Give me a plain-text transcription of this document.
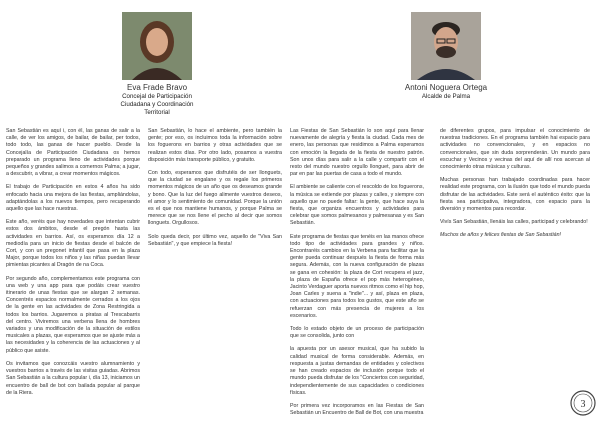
Eva Frade Bravo
Concejal de Participación Ciudadana y Coordinación Territorial
Antoni Noguera Ortega
Alcalde de Palma

San Sebastián es aquí i, con él, las ganas de salir a la calle, de ver los amigos, de bailar, de bailar, per todos, todo todo, las ganas de hacer pueblo. Desde la Concejalía de Participación Ciudadana os hemos preparado un programa lleno de actividades porque pequeños y grandes salimos a comernos Palma; a jugar, a descubrir, a vibrar, a crear momentos mágicos.

El trabajo de Participación en estos 4 años ha sido enfocado hacia una mejora de las fiestas, ampliándolas, adaptándolas a los nuevos tiempos, pero recuperando aquello que las hace nuestras.

Este año, veréis que hay novedades que intentan cubrir estos dos ámbitos, desde el pregón hasta las actividades en barrios. Así, os esperamos día 12 a mediodía para un inicio de fiestas desde el balcón de Cort, y con un pregonet infantil que pasa en la plaza Major, porque todos los niños y las niñas puedan llevar pimientas picantes al Dragón de na Coca.

Por segundo año, complementamos este programa con una web y una app para que podáis crear vuestro itinerario de unas fiestas que se alargan 2 semanas. Concentrés espacios normalmente cerrados a los ojos de la gente en las actividades de Zona Restringida a todos los barrios. Jugaremos a piratas al Trescabarris del centro. Viviremos una verbena llena de hombres variados y una modificación de la situación de estilos musicales a plazas, que esperamos que se ajuste más a las necesidades y la coherencia de las actuaciones y al público que asiste.

Os invitamos que conozcáis vuestro alumnamiento y vuestros barrios a través de las visitas guiadas. Abrimos San Sebastián a la cultura popular i, día 13, iniciamos un encuentro de ball de bot con bailada popular al parque de la Riera.

San Sebastián, lo hace el ambiente, pero también la gente; por eso, os incluimos toda la información sobre los foguerons en barrios y otras actividades que se realizan estos días. Por otro lado, posamos a vuestra disposición más transporte público, y gratuito.

Con todo, esperamos que disfrutéis de ser llonguets, que la ciudad se engalane y os regale los primeros momentos mágicos de un año que os deseamos grande y bono. Que la luz del fuego alimente vuestros deseos, el amor y lo sentimiento de comunidad. Porque la unión es el que nos mantiene humanos, y porque Palma se merece que se nos llene el pecho al decir que somos llonguets. Orgullosos.

Solo queda decir, por último vez, aquello de "Viva San Sebastián", y que empiece la fiesta!

Las Fiestas de San Sebastián lo son aquí para llenar nuevamente de alegría y fiesta la ciudad. Cada mes de enero, las personas que residimos a Palma esperamos con emoción la llegada de la fiesta de nuestro patrón. Son unos días para salir a la calle y compartir con el resto del mundo nuestro orgullo llonguet, para abrir de par en par las puertas de casa a todo el mundo.

El ambiente se caliente con el rescoldo de los foguerons, la música se extiende por plazas y calles, y siempre con aquello que no puede faltar: la gente, que hace suya la fiesta, que organiza encuentros y actividades para celebrar que somos palmesanos y palmesanas y es San Sebastián.

Este programa de fiestas que tenéis en las manos ofrece todo tipo de actividades para grandes y niños. Encontraréis cambios en la Verbena para facilitar que la gente pueda continuar después la fiesta de forma más segura. Además, con la nueva configuración de plazas se gana en cohesión: la plaza de Cort recupera el jazz, la plaza de España ofrece el pop más heterogéneo, Jacinto Verdaguer aporta nuevos ritmos como el hip hop, Joan Carles y suena a "indie"... y así, plaza en plaza, con actuaciones para todos los gustos, que este año se refuerzan con más presencia de mujeres a los escenarios.

Todo lo estado objeto de un proceso de participación que se consolida, junto con

la apuesta por un asesor musical, que ha subido la calidad musical de forma considerable. Además, en respuesta a justas demandas de entidades y colectivos se han creado espacios de inclusión porque todo el mundo pueda disfrutar de los "Conciertos con seguridad, independientemente de sus capacidades o condiciones físicas.

Por primera vez incorporamos en las Fiestas de San Sebastián un Encuentro de Ball de Bot, con una muestra

de diferentes grupos, para impulsar el conocimiento de nuestras tradiciones. En el programa también hai espacio para actividades no convencionales, y en espacios no convencionales, que sin duda sorprenderán. Un mundo para escuchar y Vecinos y vecinas del aquí de allí nos acercan al conocimiento otras músicas y culturas.

Muchas personas han trabajado coordinadas para hacer realidad este programa, con la ilusión que todo el mundo pueda disfrutar de las actividades. Este será el auténtico éxito: que la fiesta sea participativa, integradora, con espacio para la diversión y momentos para recordar.

Vivís San Sebastián, llenáis las calles, participad y celebrando!

Muchos de años y felices fiestas de San Sebastián!

3
